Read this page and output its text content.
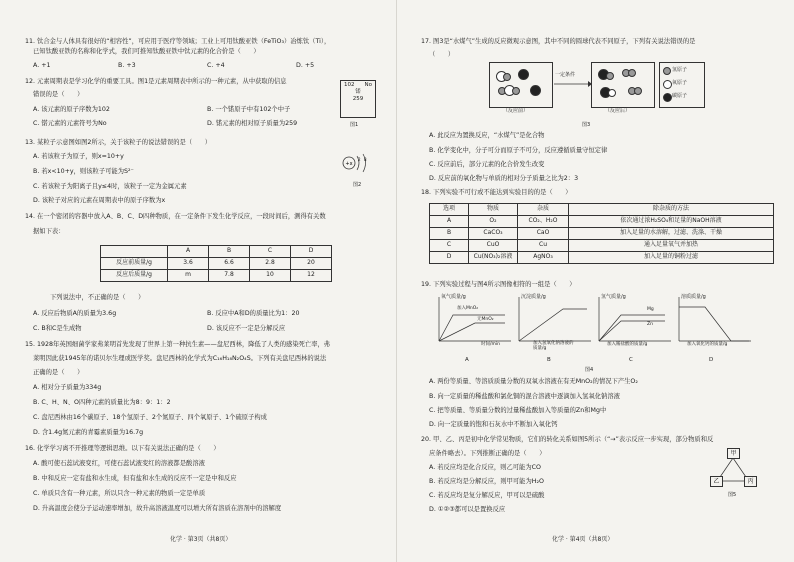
11. 钛合金与人体具有很好的“相容性”，可应用于医疗等领域；工业上可用钛酸亚铁（FeTiO₃）冶炼钛（Ti），
已知钛酸亚铁的名称和化学式，我们可推知钛酸亚铁中钛元素的化合价是（　　）
A. +1	B. +3	C. +4	D. +5
12. 元素周期表是学习化学的重要工具。图1是元素周期表中所示的一种元素，从中获取的信息
错误的是（　　）
A. 该元素的原子序数为102	B. 一个锘原子中有102个中子
C. 锘元素的元素符号为No	D. 锘元素的相对原子质量为259
102 No
锘
259
图1
13. 某粒子示意图如图2所示，关于该粒子的说法错误的是（　　）
A. 若该粒子为原子，则x=10+y
B. 若x<10+y，则该粒子可能为S²⁻
C. 若该粒子为阳离子且y≤4时，该粒子一定为金属元素
D. 该粒子对应的元素在周期表中的原子序数为x
+x
2 8
图2
14. 在一个密闭的容器中放入A、B、C、D四种物质，在一定条件下发生化学反应，一段时间后，测得有关数
据如下表：
	A	B	C	D
反应前质量/g	3.6	6.6	2.8	20
反应后质量/g	m	7.8	10	12
下列说法中，不正确的是（　　）
A. 反应后物质A的质量为3.6g	B. 反应中A和D的质量比为1：20
C. B和C是生成物	D. 该反应不一定是分解反应
15. 1928年英国细菌学家弗莱明首先发现了世界上第一种抗生素——盘尼西林，降低了人类的感染死亡率，弗
莱明因此获1945年的诺贝尔生理或医学奖。盘尼西林的化学式为C₁₆H₁₈N₂O₄S。下列有关盘尼西林的说法
正确的是（　　）
A. 相对分子质量为334g
B. C、H、N、O四种元素的质量比为8：9：1：2
C. 盘尼西林由16个碳原子、18个氢原子、2个氮原子、四个氧原子、1个硫原子构成
D. 含1.4g氮元素的青霉素质量为16.7g
16. 化学学习离不开推理等逻辑思维。以下有关说法正确的是（　　）
A. 酸可使石蕊试液变红，可使石蕊试液变红的溶液都是酸溶液
B. 中和反应一定有盐和水生成，但有盐和水生成的反应不一定是中和反应
C. 单质只含有一种元素，所以只含一种元素的物质一定是单质
D. 升高温度会使分子运动速率增加，故升高溶液温度可以增大所有溶质在溶剂中的溶解度
化学 · 第3页（共8页）
17. 图3是“水煤气”生成的反应微观示意图，其中不同的圆球代表不同原子，下列有关说法错误的是
（　　）
（反应前）
一定条件
（反应后）
氢原子
氧原子
碳原子
图3
A. 此反应为置换反应，“水煤气”是化合物
B. 化学变化中，分子可分而原子不可分，反应遵循质量守恒定律
C. 反应前后，部分元素的化合价发生改变
D. 反应前的氧化物与单质的相对分子质量之比为2：3
18. 下列实验不可行或不能达到实验目的的是（　　）
选项	物质	杂质	除杂质的方法
A	O₂	CO₂、H₂O	依次通过浓H₂SO₄和足量的NaOH溶液
B	CaCO₃	CaO	加入足量的水溶解，过滤、洗涤、干燥
C	CuO	Cu	通入足量氧气并加热
D	Cu(NO₃)₂溶液	AgNO₃	加入足量的铜粉过滤
19. 下列实验过程与图4所示图像相符的一组是（　　）
氧气质量/g
加入MnO₂
无MnO₂
时间/min
A
沉淀质量/g
加入氢氧化钠溶液的质量/g
B
氢气质量/g
Mg
Zn
加入稀盐酸的质量/g
C
溶质质量/g
加入氧化钙的质量/g
D
图4
A. 两份等质量、等溶质质量分数的双氧水溶液在有无MnO₂的情况下产生O₂
B. 向一定质量的稀盐酸和氯化铜的混合溶液中逐滴加入氢氧化钠溶液
C. 把等质量、等质量分数的过量稀盐酸加入等质量的Zn和Mg中
D. 向一定质量的饱和石灰水中不断加入氧化钙
20. 甲、乙、丙是初中化学常见物质，它们的转化关系如图5所示（“→”表示反应一步实现，部分物质和反
应条件略去）。下列推断正确的是（　　）
A. 若反应均是化合反应，则乙可能为CO
B. 若反应均是分解反应，则甲可能为H₂O
C. 若反应均是复分解反应，甲可以是硫酸
D. ①②③都可以是置换反应
甲
乙	丙
图5
化学 · 第4页（共8页）
